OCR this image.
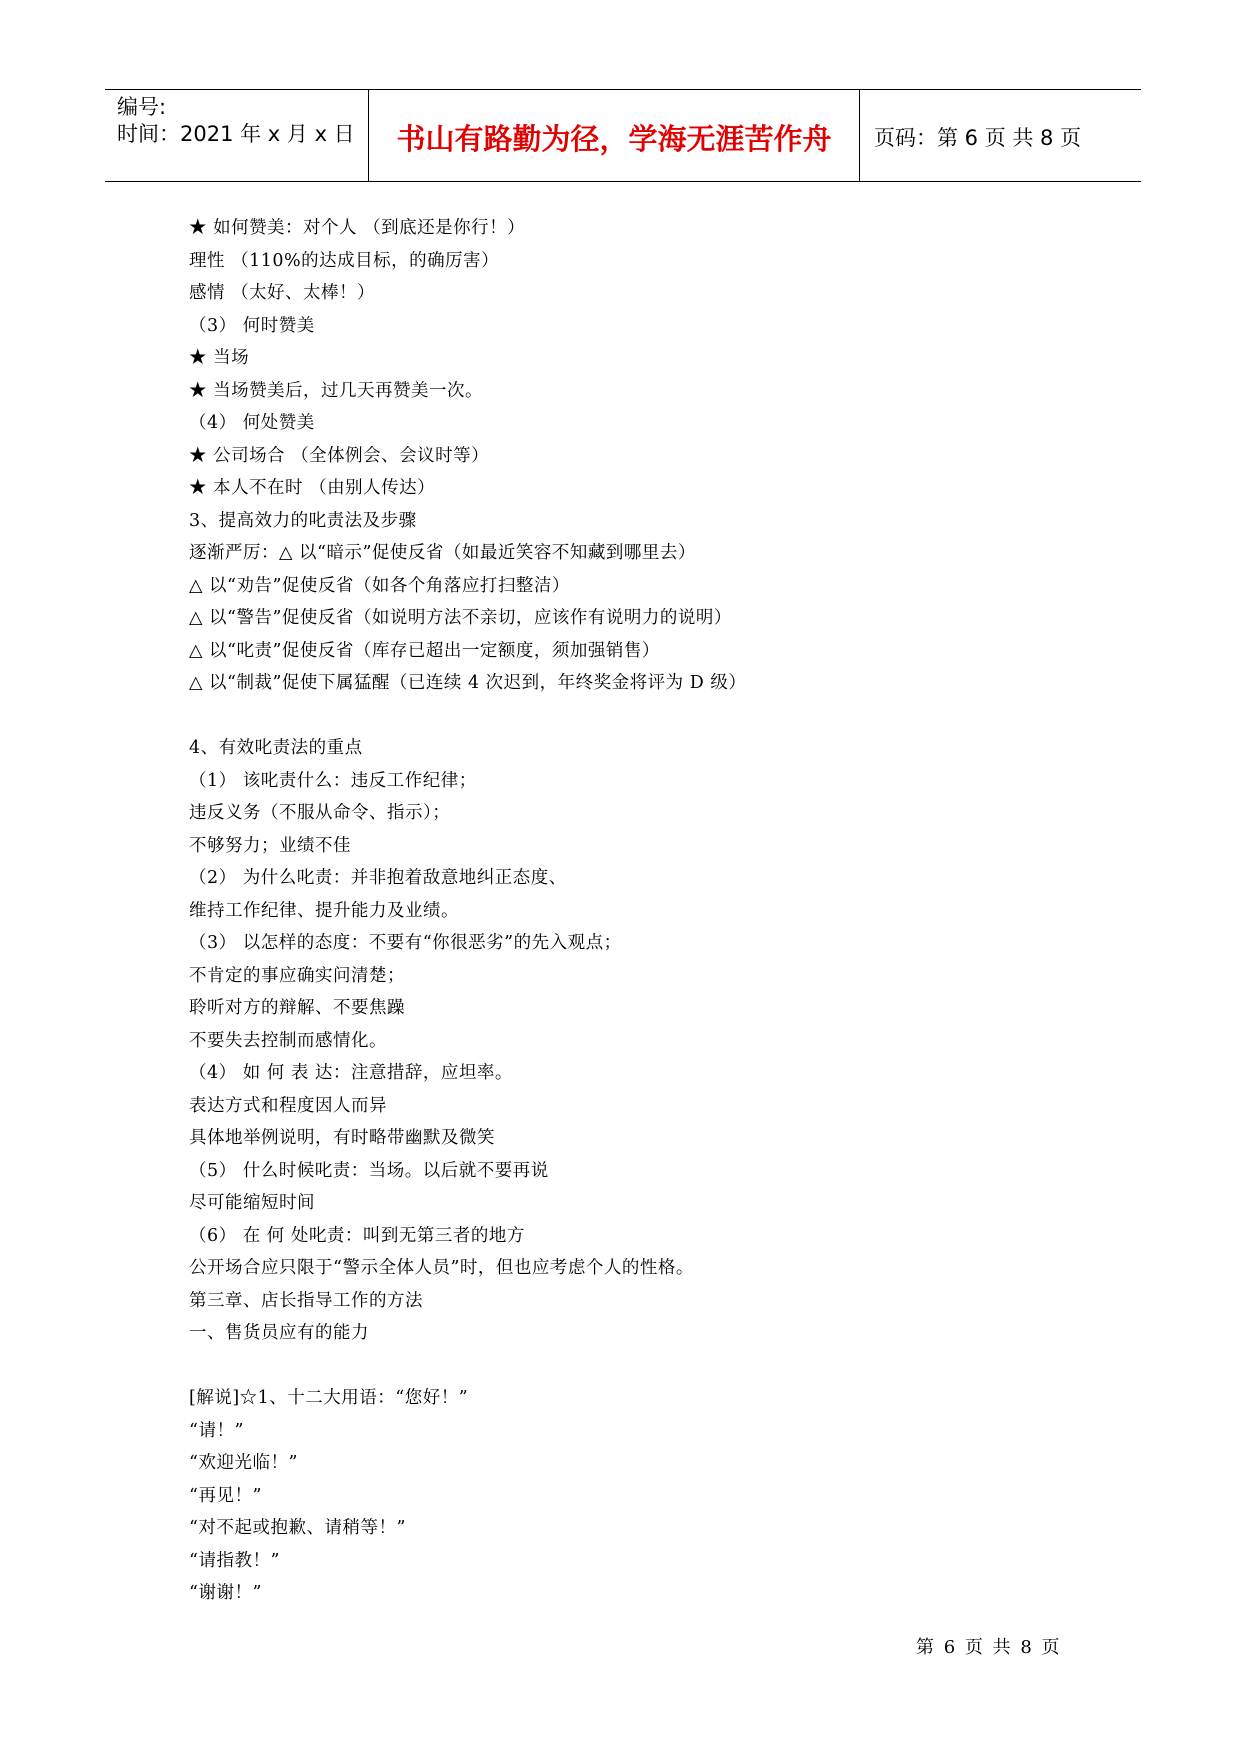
编号:
时间：2021 年 x 月 x 日	书山有路勤为径，学海无涯苦作舟 页码：第 6 页 共 8 页

★ 如何赞美：对个人 （到底还是你行！）

理性 （110%的达成目标，的确厉害）

感情 （太好、太棒！）

（3） 何时赞美

★ 当场

★ 当场赞美后，过几天再赞美一次。

（4） 何处赞美

★ 公司场合 （全体例会、会议时等）

★ 本人不在时 （由别人传达）

3、提高效力的叱责法及步骤

逐渐严厉：△ 以“暗示”促使反省（如最近笑容不知藏到哪里去）

△ 以“劝告”促使反省（如各个角落应打扫整洁）

△ 以“警告”促使反省（如说明方法不亲切，应该作有说明力的说明）

△ 以“叱责”促使反省（库存已超出一定额度，须加强销售）

△ 以“制裁”促使下属猛醒（已连续 4 次迟到，年终奖金将评为 D 级）

4、有效叱责法的重点

（1） 该叱责什么：违反工作纪律；

违反义务（不服从命令、指示）；

不够努力；业绩不佳

（2） 为什么叱责：并非抱着敌意地纠正态度、

维持工作纪律、提升能力及业绩。

（3） 以怎样的态度：不要有“你很恶劣”的先入观点；

不肯定的事应确实问清楚；

聆听对方的辩解、不要焦躁

不要失去控制而感情化。

（4） 如 何 表 达：注意措辞，应坦率。

表达方式和程度因人而异

具体地举例说明，有时略带幽默及微笑

（5） 什么时候叱责：当场。以后就不要再说

尽可能缩短时间

（6） 在 何 处叱责：叫到无第三者的地方

公开场合应只限于“警示全体人员”时，但也应考虑个人的性格。

第三章、店长指导工作的方法

一、售货员应有的能力

[解说]☆1、十二大用语：“您好！”

“请！”

“欢迎光临！”

“再见！”

“对不起或抱歉、请稍等！”

“请指教！”

“谢谢！”

第 6 页 共 8 页
